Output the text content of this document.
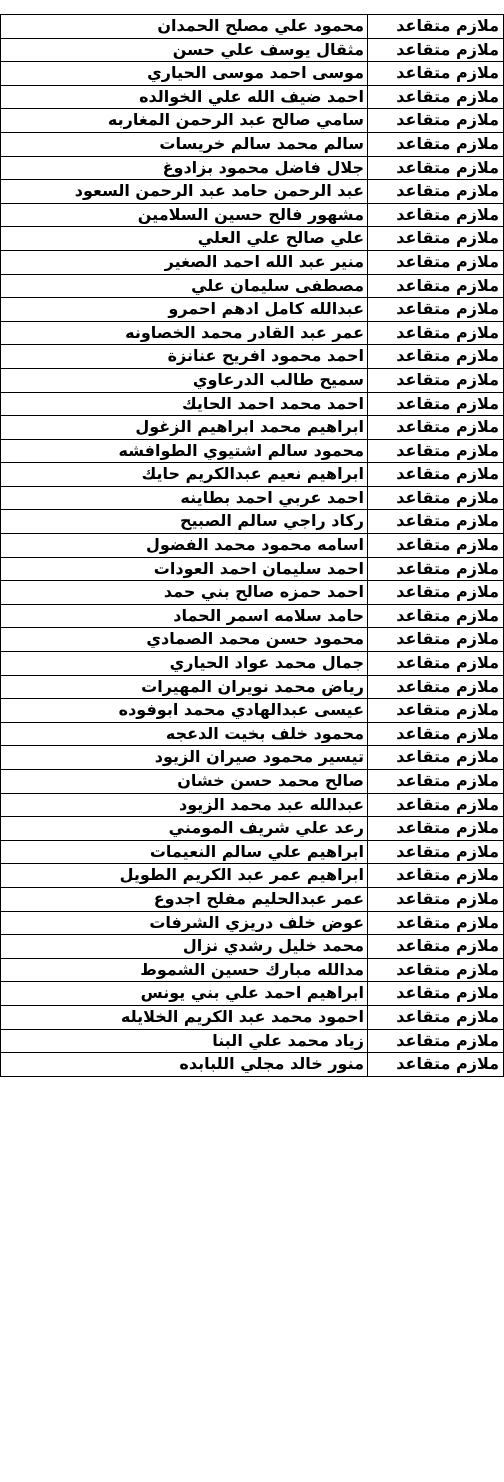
محمود علي مصلح الحمدان	ملازم متقاعد
مثقال يوسف علي حسن	ملازم متقاعد
موسى احمد موسى الحياري	ملازم متقاعد
احمد ضيف الله علي الخوالده	ملازم متقاعد
سامي صالح عبد الرحمن المغاربه	ملازم متقاعد
سالم محمد سالم خريسات	ملازم متقاعد
جلال فاضل محمود بزادوغ	ملازم متقاعد
عبد الرحمن حامد عبد الرحمن السعود	ملازم متقاعد
مشهور فالح حسين السلامين	ملازم متقاعد
علي صالح علي العلي	ملازم متقاعد
منير عبد الله احمد الصغير	ملازم متقاعد
مصطفى سليمان علي	ملازم متقاعد
عبدالله كامل ادهم احمرو	ملازم متقاعد
عمر عبد القادر محمد الخصاونه	ملازم متقاعد
احمد محمود افريح عنانزة	ملازم متقاعد
سميح طالب الدرعاوي	ملازم متقاعد
احمد محمد احمد الحايك	ملازم متقاعد
ابراهيم محمد ابراهيم الزغول	ملازم متقاعد
محمود سالم اشتيوي الطوافشه	ملازم متقاعد
ابراهيم نعيم عبدالكريم حايك	ملازم متقاعد
احمد عربي احمد بطاينه	ملازم متقاعد
ركاد راجي سالم الصبيح	ملازم متقاعد
اسامه محمود محمد الفضول	ملازم متقاعد
احمد سليمان احمد العودات	ملازم متقاعد
احمد حمزه صالح بني حمد	ملازم متقاعد
حامد سلامه اسمر الحماد	ملازم متقاعد
محمود حسن محمد الصمادي	ملازم متقاعد
جمال محمد عواد الحياري	ملازم متقاعد
رياض محمد نويران المهيرات	ملازم متقاعد
عيسى عبدالهادي محمد ابوفوده	ملازم متقاعد
محمود خلف بخيت الدعجه	ملازم متقاعد
تيسير محمود صيران الزيود	ملازم متقاعد
صالح محمد حسن خشان	ملازم متقاعد
عبدالله عبد محمد الزيود	ملازم متقاعد
رعد علي شريف المومني	ملازم متقاعد
ابراهيم علي سالم النعيمات	ملازم متقاعد
ابراهيم عمر عبد الكريم الطويل	ملازم متقاعد
عمر عبدالحليم مفلح اجدوع	ملازم متقاعد
عوض خلف دريزي الشرفات	ملازم متقاعد
محمد خليل رشدي نزال	ملازم متقاعد
مدالله مبارك حسين الشموط	ملازم متقاعد
ابراهيم احمد علي بني يونس	ملازم متقاعد
احمود محمد عبد الكريم الخلايله	ملازم متقاعد
زياد محمد علي البنا	ملازم متقاعد
منور خالد مجلي اللبابده	ملازم متقاعد
